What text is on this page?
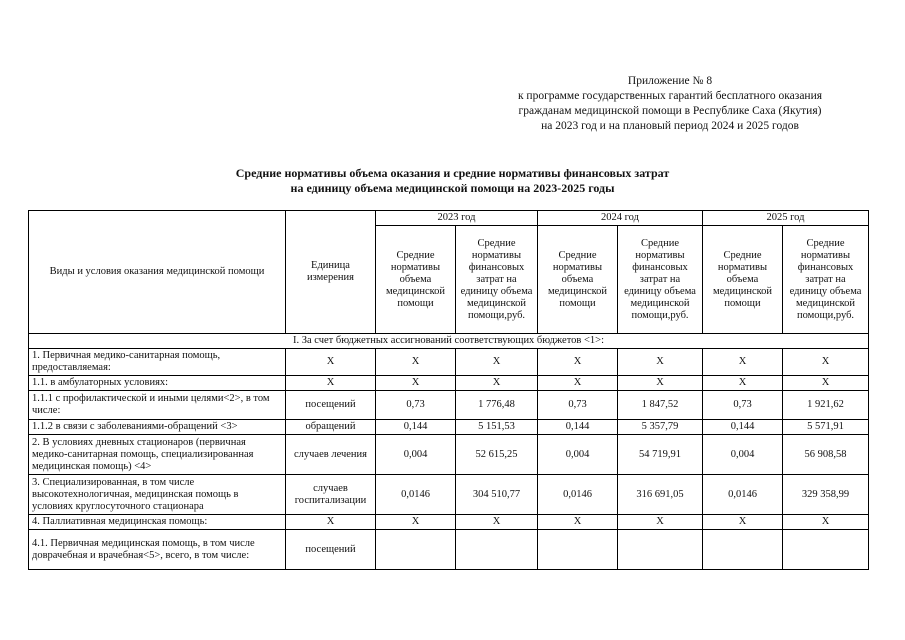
Приложение № 8
к программе государственных гарантий бесплатного оказания
гражданам медицинской помощи в Республике Саха (Якутия)
на 2023 год и на плановый период 2024 и 2025 годов
Средние нормативы объема оказания и средние нормативы финансовых затрат
на единицу объема медицинской помощи на 2023-2025 годы
Виды и условия оказания медицинской помощи	Единица измерения	2023 год		2024 год		2025 год	
		Средние нормативы объема медицинской помощи	Средние нормативы финансовых затрат на единицу объема медицинской помощи,руб.	Средние нормативы объема медицинской помощи	Средние нормативы финансовых затрат на единицу объема медицинской помощи,руб.	Средние нормативы объема медицинской помощи	Средние нормативы финансовых затрат на единицу объема медицинской помощи,руб.
I. За счет бюджетных ассигнований соответствующих бюджетов <1>:							
1. Первичная медико-санитарная помощь, предоставляемая:	X	X	X	X	X	X	X
1.1. в амбулаторных условиях:	X	X	X	X	X	X	X
1.1.1 с профилактической и иными целями<2>, в том числе:	посещений	0,73	1 776,48	0,73	1 847,52	0,73	1 921,62
1.1.2 в связи с заболеваниями-обращений <3>	обращений	0,144	5 151,53	0,144	5 357,79	0,144	5 571,91
2. В условиях дневных стационаров (первичная медико-санитарная помощь, специализированная медицинская помощь) <4>	случаев лечения	0,004	52 615,25	0,004	54 719,91	0,004	56 908,58
3. Специализированная, в том числе высокотехнологичная, медицинская помощь в условиях круглосуточного стационара	случаев госпитализации	0,0146	304 510,77	0,0146	316 691,05	0,0146	329 358,99
4. Паллиативная медицинская помощь:	X	X	X	X	X	X	X
4.1. Первичная медицинская помощь, в том числе доврачебная и врачебная<5>, всего, в том числе:	посещений						
